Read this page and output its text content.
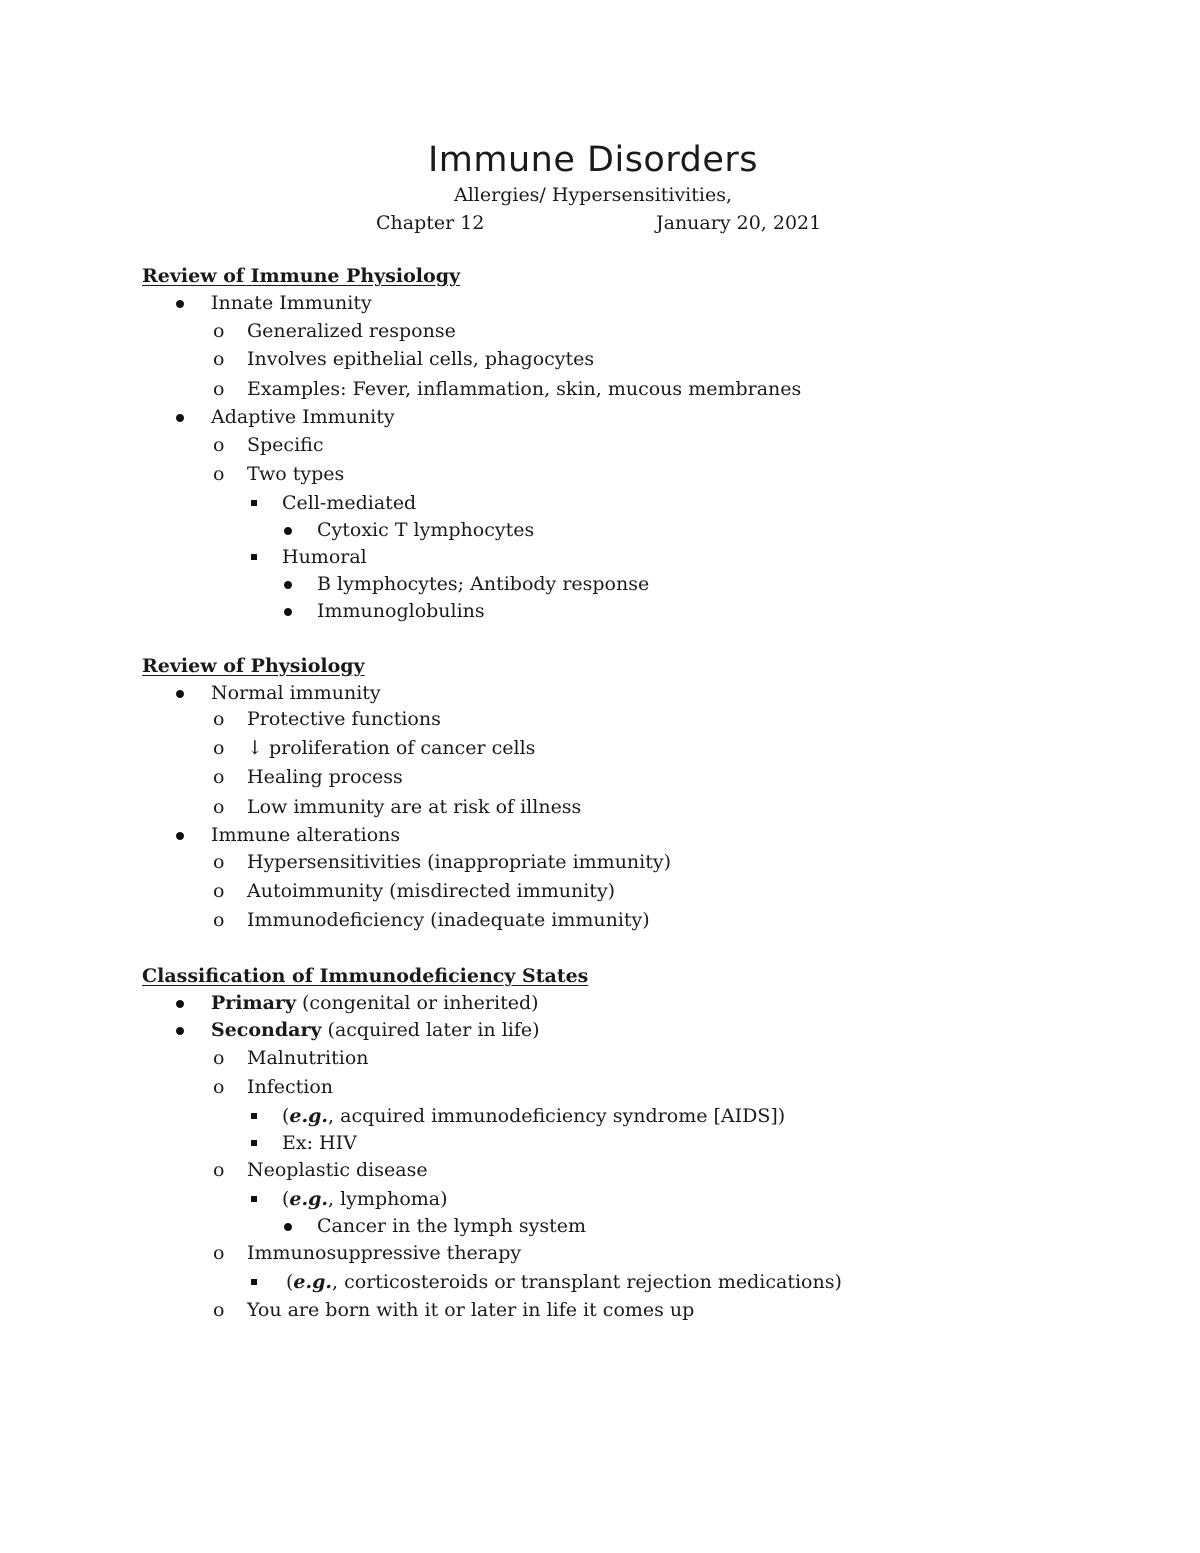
Immune Disorders
Allergies/ Hypersensitivities,
Chapter 12	January 20, 2021
Review of Immune Physiology
Innate Immunity
o Generalized response
o Involves epithelial cells, phagocytes
o Examples: Fever, inflammation, skin, mucous membranes
Adaptive Immunity
o Specific
o Two types
Cell-mediated
Cytoxic T lymphocytes
Humoral
B lymphocytes; Antibody response
Immunoglobulins
Review of Physiology
Normal immunity
o Protective functions
o ↓ proliferation of cancer cells
o Healing process
o Low immunity are at risk of illness
Immune alterations
o Hypersensitivities (inappropriate immunity)
o Autoimmunity (misdirected immunity)
o Immunodeficiency (inadequate immunity)
Classification of Immunodeficiency States
Primary (congenital or inherited)
Secondary (acquired later in life)
o Malnutrition
o Infection
(e.g., acquired immunodeficiency syndrome [AIDS])
Ex: HIV
o Neoplastic disease
(e.g., lymphoma)
Cancer in the lymph system
o Immunosuppressive therapy
(e.g., corticosteroids or transplant rejection medications)
o You are born with it or later in life it comes up
